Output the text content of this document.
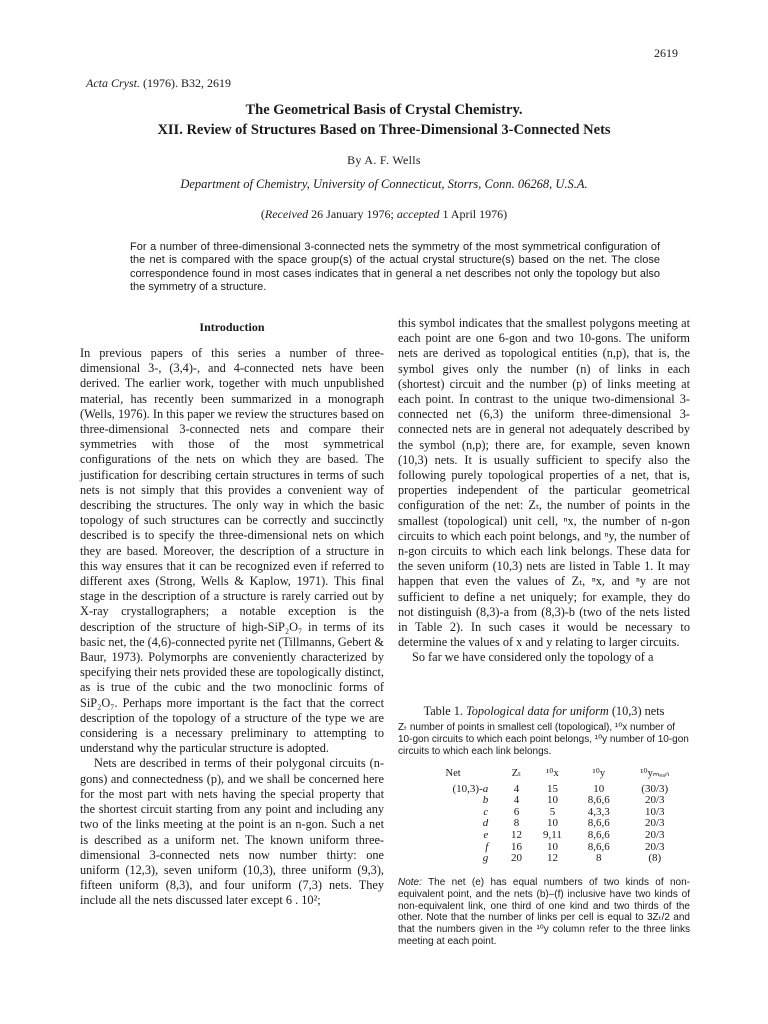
2619
Acta Cryst. (1976). B32, 2619
The Geometrical Basis of Crystal Chemistry.
XII. Review of Structures Based on Three-Dimensional 3-Connected Nets
By A. F. Wells
Department of Chemistry, University of Connecticut, Storrs, Conn. 06268, U.S.A.
(Received 26 January 1976; accepted 1 April 1976)
For a number of three-dimensional 3-connected nets the symmetry of the most symmetrical configuration of the net is compared with the space group(s) of the actual crystal structure(s) based on the net. The close correspondence found in most cases indicates that in general a net describes not only the topology but also the symmetry of a structure.
Introduction

In previous papers of this series a number of three-dimensional 3-, (3,4)-, and 4-connected nets have been derived. The earlier work, together with much unpublished material, has recently been summarized in a monograph (Wells, 1976). In this paper we review the structures based on three-dimensional 3-connected nets and compare their symmetries with those of the most symmetrical configurations of the nets on which they are based. The justification for describing certain structures in terms of such nets is not simply that this provides a convenient way of describing the structures. The only way in which the basic topology of such structures can be correctly and succinctly described is to specify the three-dimensional nets on which they are based. Moreover, the description of a structure in this way ensures that it can be recognized even if referred to different axes (Strong, Wells & Kaplow, 1971). This final stage in the description of a structure is rarely carried out by X-ray crystallographers; a notable exception is the description of the structure of high-SiP₂O₇ in terms of its basic net, the (4,6)-connected pyrite net (Tillmanns, Gebert & Baur, 1973). Polymorphs are conveniently characterized by specifying their nets provided these are topologically distinct, as is true of the cubic and the two monoclinic forms of SiP₂O₇. Perhaps more important is the fact that the correct description of the topology of a structure of the type we are considering is a necessary preliminary to attempting to understand why the particular structure is adopted.

Nets are described in terms of their polygonal circuits (n-gons) and connectedness (p), and we shall be concerned here for the most part with nets having the special property that the shortest circuit starting from any point and including any two of the links meeting at the point is an n-gon. Such a net is described as a uniform net. The known uniform three-dimensional 3-connected nets now number thirty: one uniform (12,3), seven uniform (10,3), three uniform (9,3), fifteen uniform (8,3), and four uniform (7,3) nets. They include all the nets discussed later except 6 . 10²;

this symbol indicates that the smallest polygons meeting at each point are one 6-gon and two 10-gons. The uniform nets are derived as topological entities (n,p), that is, the symbol gives only the number (n) of links in each (shortest) circuit and the number (p) of links meeting at each point. In contrast to the unique two-dimensional 3-connected net (6,3) the uniform three-dimensional 3-connected nets are in general not adequately described by the symbol (n,p); there are, for example, seven known (10,3) nets. It is usually sufficient to specify also the following purely topological properties of a net, that is, properties independent of the particular geometrical configuration of the net: Zₜ, the number of points in the smallest (topological) unit cell, ⁿx, the number of n-gon circuits to which each point belongs, and ⁿy, the number of n-gon circuits to which each link belongs. These data for the seven uniform (10,3) nets are listed in Table 1. It may happen that even the values of Zₜ, ⁿx, and ⁿy are not sufficient to define a net uniquely; for example, they do not distinguish (8,3)-a from (8,3)-b (two of the nets listed in Table 2). In such cases it would be necessary to determine the values of x and y relating to larger circuits.

So far we have considered only the topology of a

Table 1. Topological data for uniform (10,3) nets
Zₜ number of points in smallest cell (topological), ¹⁰x number of 10-gon circuits to which each point belongs, ¹⁰y number of 10-gon circuits to which each link belongs.
Net	Zₜ	¹⁰x	¹⁰y	¹⁰yₘₑₐₙ
(10,3)-a	4	15	10	(30/3)
b	4	10	8,6,6	20/3
c	6	5	4,3,3	10/3
d	8	10	8,6,6	20/3
e	12	9,11	8,6,6	20/3
f	16	10	8,6,6	20/3
g	20	12	8	(8)
Note: The net (e) has equal numbers of two kinds of non-equivalent point, and the nets (b)–(f) inclusive have two kinds of non-equivalent link, one third of one kind and two thirds of the other. Note that the number of links per cell is equal to 3Zₜ/2 and that the numbers given in the ¹⁰y column refer to the three links meeting at each point.
